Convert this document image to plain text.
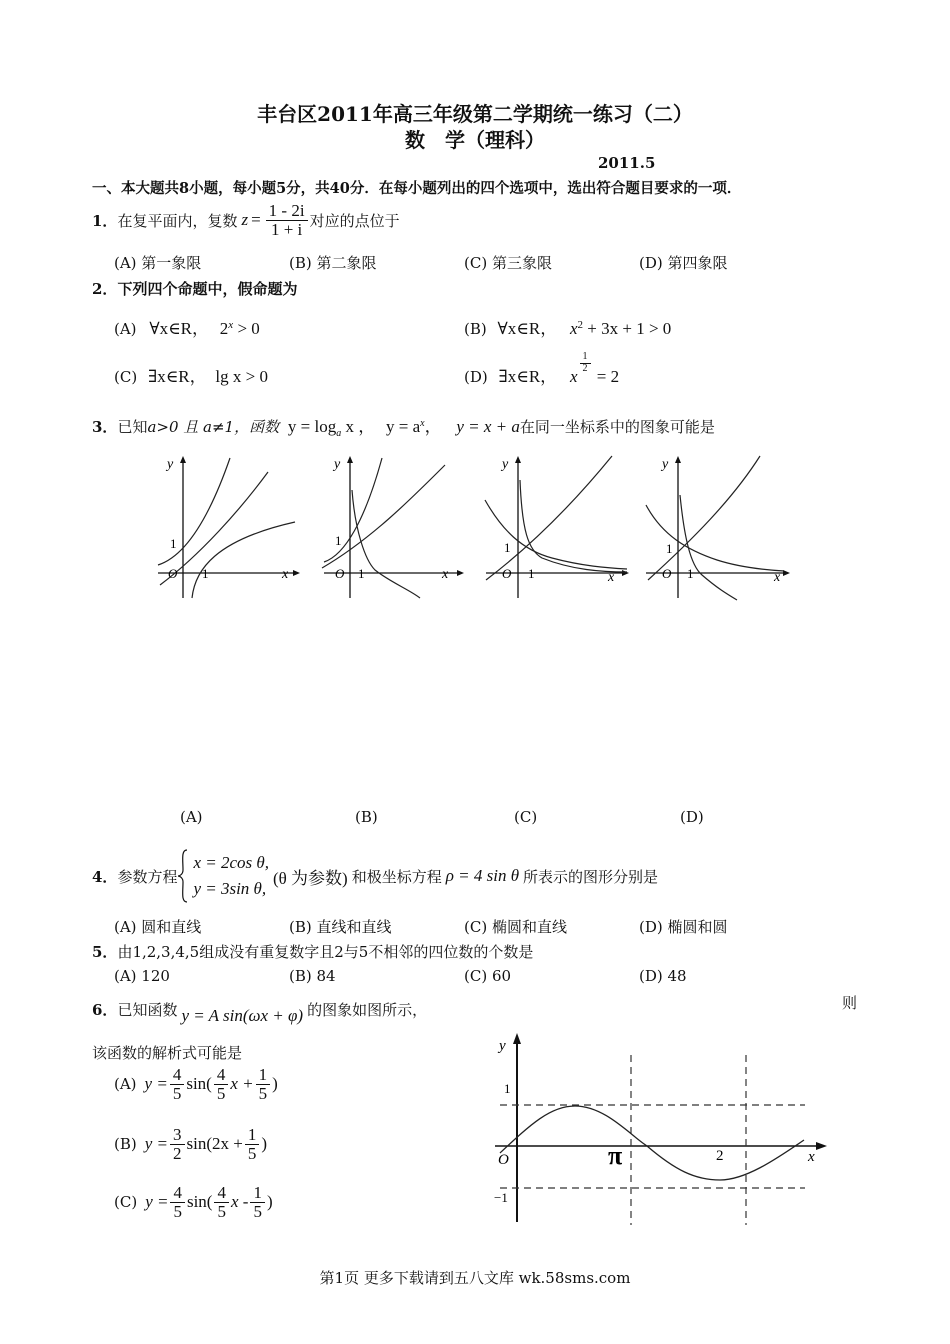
丰台区2011年高三年级第二学期统一练习（二）
数　学（理科）
2011.5
一、本大题共8小题，每小题5分，共40分．在每小题列出的四个选项中，选出符合题目要求的一项．
1． 在复平面内，复数 $z = \frac{1 - 2i}{1 + i}$ 对应的点位于
(A) 第一象限	(B) 第二象限	(C) 第三象限	(D) 第四象限
2．下列四个命题中，假命题为
(A) ∀x∈R， $2^x > 0$	(B) ∀x∈R， $x^2 + 3x + 1 > 0$
(C) ∃x∈R， lg x > 0	(D) ∃x∈R， x
$\frac{1}{2}$
= 2
3．已知a>0 且 a≠1，函数 $y = \log_a x$ ， $y = a^x$， y = x + a在同一坐标系中的图象可能是
y
x
O
1
1
y
x
O
1
1
y
x
O
1
1
y
x
O
1
1
(A)	(B)	(C)	(D)
4． 参数方程
x = 2cos θ,
y = 3sin θ,
(θ 为参数) 和极坐标方程 ρ = 4 sin θ 所表示的图形分别是
(A) 圆和直线	(B) 直线和直线	(C) 椭圆和直线	(D) 椭圆和圆
5．由1,2,3,4,5组成没有重复数字且2与5不相邻的四位数的个数是
(A) 120	(B) 84	(C) 60	(D) 48
6． 已知函数 y = A sin(ωx + φ) 的图象如图所示，	则
该函数的解析式可能是
(A) $y = \frac{4}{5} \sin( \frac{4}{5}$ $x + \frac{1}{5}$ )
(B) $y = \frac{3}{2} \sin(2x + \frac{1}{5}$ )
(C) $y = \frac{4}{5} \sin( \frac{4}{5}$ x - $\frac{1}{5}$ )
y
x
O
1
−1
π	2
第1页 更多下载请到五八文库 wk.58sms.com
